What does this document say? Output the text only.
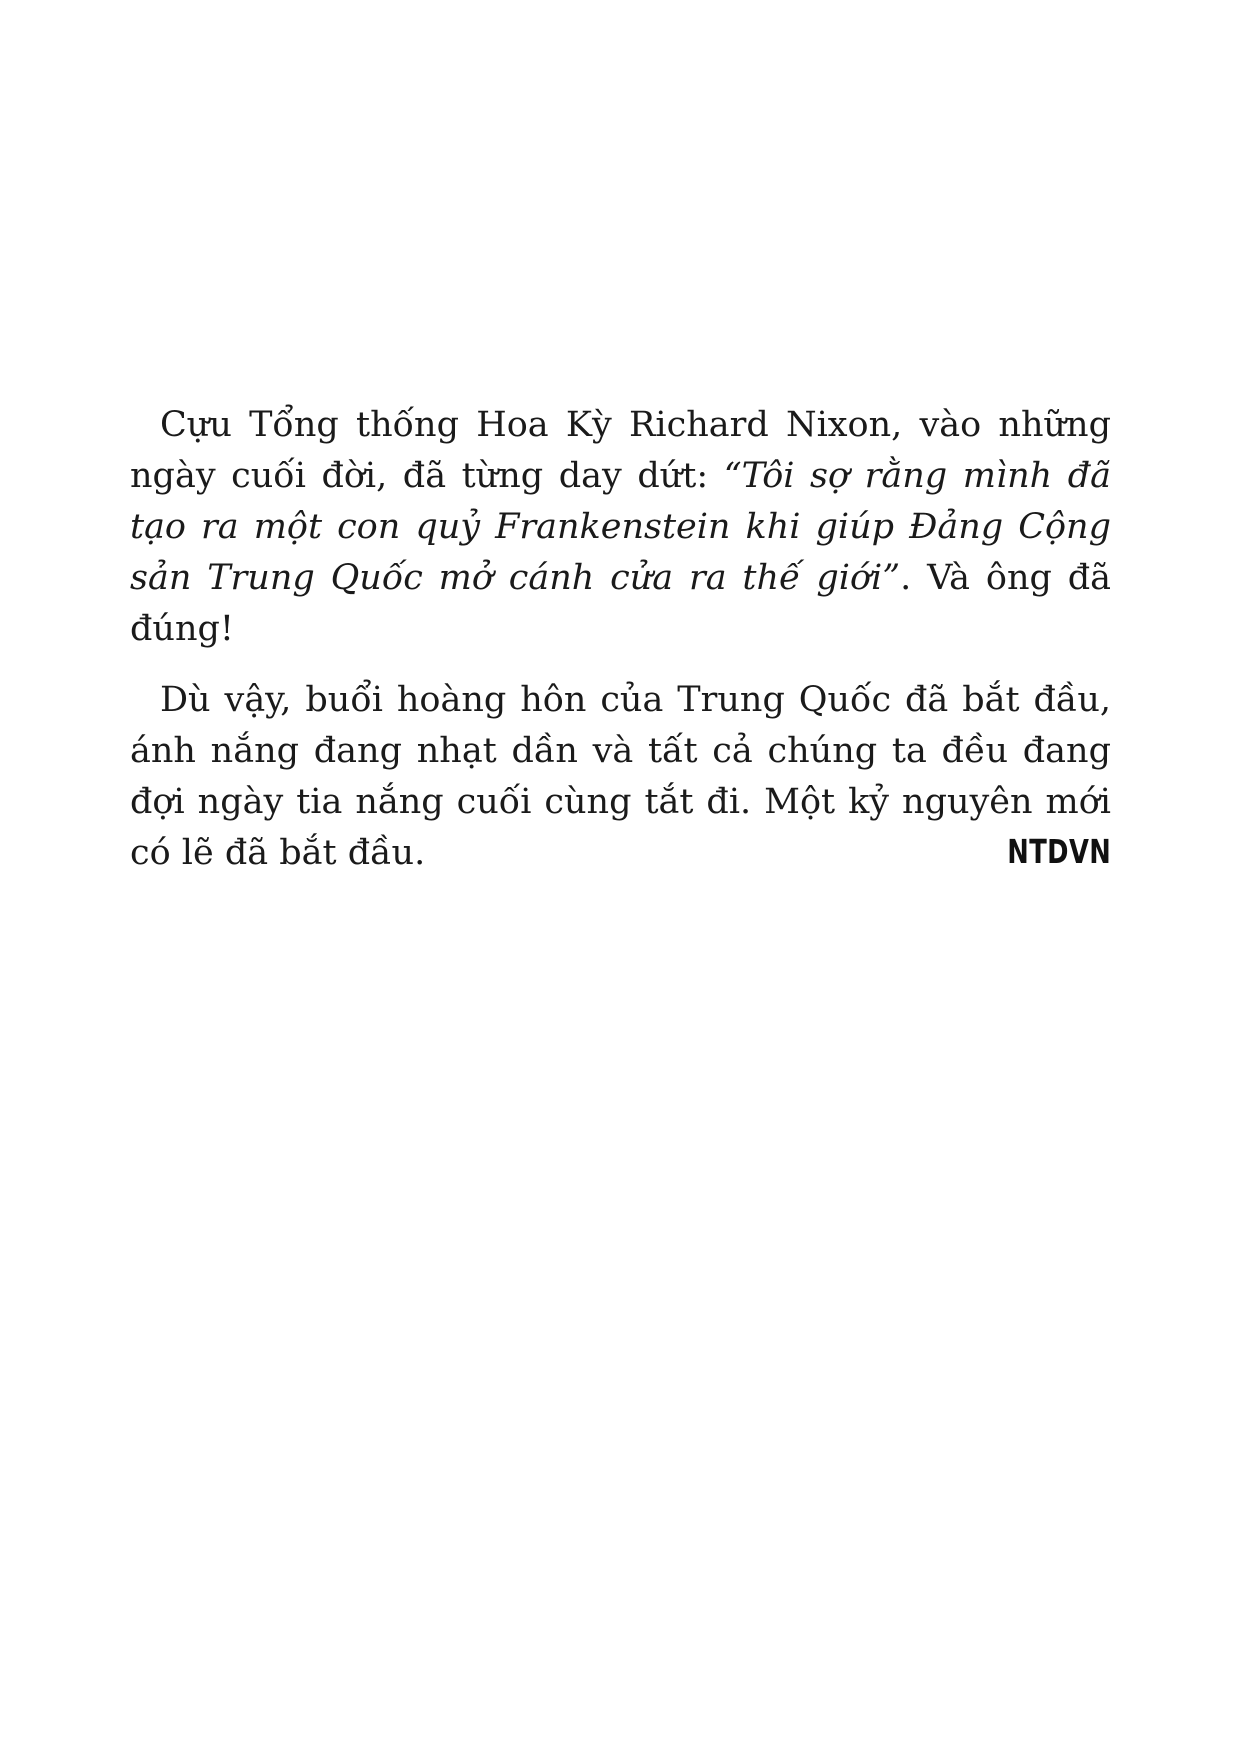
Cựu Tổng thống Hoa Kỳ Richard Nixon, vào những ngày cuối đời, đã từng day dứt: “Tôi sợ rằng mình đã tạo ra một con quỷ Frankenstein khi giúp Đảng Cộng sản Trung Quốc mở cánh cửa ra thế giới”. Và ông đã đúng!

Dù vậy, buổi hoàng hôn của Trung Quốc đã bắt đầu, ánh nắng đang nhạt dần và tất cả chúng ta đều đang đợi ngày tia nắng cuối cùng tắt đi. Một kỷ nguyên mới có lẽ đã bắt đầu.	NTDVN
